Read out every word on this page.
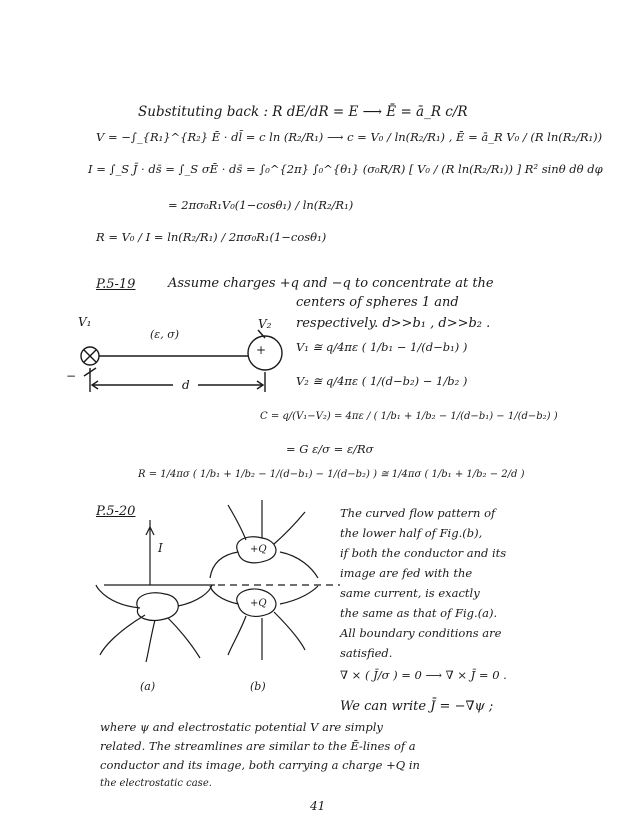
Substituting back : R dE/dR = E ⟶ Ē = ā_R c/R
V = −∫_{R₁}^{R₂} Ē · dl̄ = c ln (R₂/R₁) ⟶ c = V₀ / ln(R₂/R₁) , Ē = ā_R V₀ / (R ln(R₂/R₁))
I = ∫_S J̄ · ds̄ = ∫_S σĒ · ds̄ = ∫₀^{2π} ∫₀^{θ₁} (σ₀R/R) [ V₀ / (R ln(R₂/R₁)) ] R² sinθ dθ dφ
= 2πσ₀R₁V₀(1−cosθ₁) / ln(R₂/R₁)
R = V₀ / I = ln(R₂/R₁) / 2πσ₀R₁(1−cosθ₁)
P.5-19	Assume charges +q and −q to concentrate at the
centers of spheres 1 and
respectively. d>>b₁ , d>>b₂ .
V₁ ≅ q/4πε ( 1/b₁ − 1/(d−b₁) )
V₂ ≅ q/4πε ( 1/(d−b₂) − 1/b₂ )
C = q/(V₁−V₂) = 4πε / ( 1/b₁ + 1/b₂ − 1/(d−b₁) − 1/(d−b₂) )
= G ε/σ = ε/Rσ
R = 1/4πσ ( 1/b₁ + 1/b₂ − 1/(d−b₁) − 1/(d−b₂) ) ≅ 1/4πσ ( 1/b₁ + 1/b₂ − 2/d )
+
−
V₁	V₂
(ε, σ)
d
P.5-20	The curved flow pattern of
the lower half of Fig.(b),
if both the conductor and its
image are fed with the
same current, is exactly
the same as that of Fig.(a).
All boundary conditions are
satisfied.
∇ × ( J̄/σ ) = 0 ⟶ ∇ × J̄ = 0 .
We can write J̄ = −∇ψ ;
where ψ and electrostatic potential V are simply
related. The streamlines are similar to the Ē-lines of a
conductor and its image, both carrying a charge +Q in
the electrostatic case.
+Q
+Q
I
(a)	(b)
41
